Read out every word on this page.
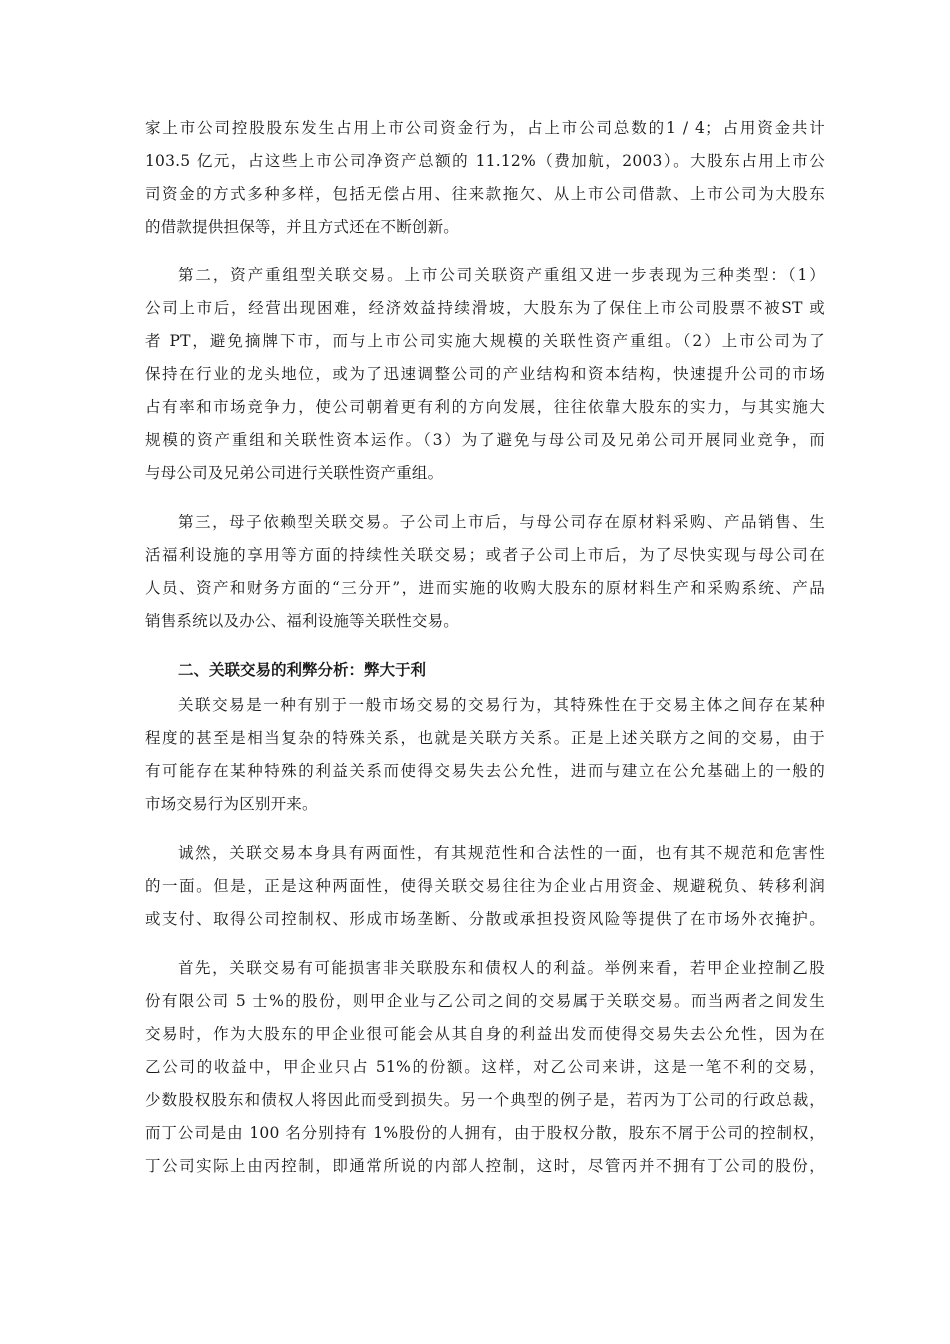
家上市公司控股股东发生占用上市公司资金行为，占上市公司总数的1 / 4；占用资金共计
103.5 亿元，占这些上市公司净资产总额的 11.12%（费加航，2003）。大股东占用上市公
司资金的方式多种多样，包括无偿占用、往来款拖欠、从上市公司借款、上市公司为大股东
的借款提供担保等，并且方式还在不断创新。
第二，资产重组型关联交易。上市公司关联资产重组又进一步表现为三种类型：（1）
公司上市后，经营出现困难，经济效益持续滑坡，大股东为了保住上市公司股票不被ST 或
者 PT，避免摘牌下市，而与上市公司实施大规模的关联性资产重组。（2）上市公司为了
保持在行业的龙头地位，或为了迅速调整公司的产业结构和资本结构，快速提升公司的市场
占有率和市场竞争力，使公司朝着更有利的方向发展，往往依靠大股东的实力，与其实施大
规模的资产重组和关联性资本运作。（3）为了避免与母公司及兄弟公司开展同业竞争，而
与母公司及兄弟公司进行关联性资产重组。
第三，母子依赖型关联交易。子公司上市后，与母公司存在原材料采购、产品销售、生
活福利设施的享用等方面的持续性关联交易；或者子公司上市后，为了尽快实现与母公司在
人员、资产和财务方面的“三分开”，进而实施的收购大股东的原材料生产和采购系统、产品
销售系统以及办公、福利设施等关联性交易。
二、关联交易的利弊分析：弊大于利
关联交易是一种有别于一般市场交易的交易行为，其特殊性在于交易主体之间存在某种
程度的甚至是相当复杂的特殊关系，也就是关联方关系。正是上述关联方之间的交易，由于
有可能存在某种特殊的利益关系而使得交易失去公允性，进而与建立在公允基础上的一般的
市场交易行为区别开来。
诚然，关联交易本身具有两面性，有其规范性和合法性的一面，也有其不规范和危害性
的一面。但是，正是这种两面性，使得关联交易往往为企业占用资金、规避税负、转移利润
或支付、取得公司控制权、形成市场垄断、分散或承担投资风险等提供了在市场外衣掩护。
首先，关联交易有可能损害非关联股东和债权人的利益。举例来看，若甲企业控制乙股
份有限公司 5 士%的股份，则甲企业与乙公司之间的交易属于关联交易。而当两者之间发生
交易时，作为大股东的甲企业很可能会从其自身的利益出发而使得交易失去公允性，因为在
乙公司的收益中，甲企业只占 51%的份额。这样，对乙公司来讲，这是一笔不利的交易，
少数股权股东和债权人将因此而受到损失。另一个典型的例子是，若丙为丁公司的行政总裁，
而丁公司是由 100 名分别持有 1%股份的人拥有，由于股权分散，股东不屑于公司的控制权，
丁公司实际上由丙控制，即通常所说的内部人控制，这时，尽管丙并不拥有丁公司的股份，
